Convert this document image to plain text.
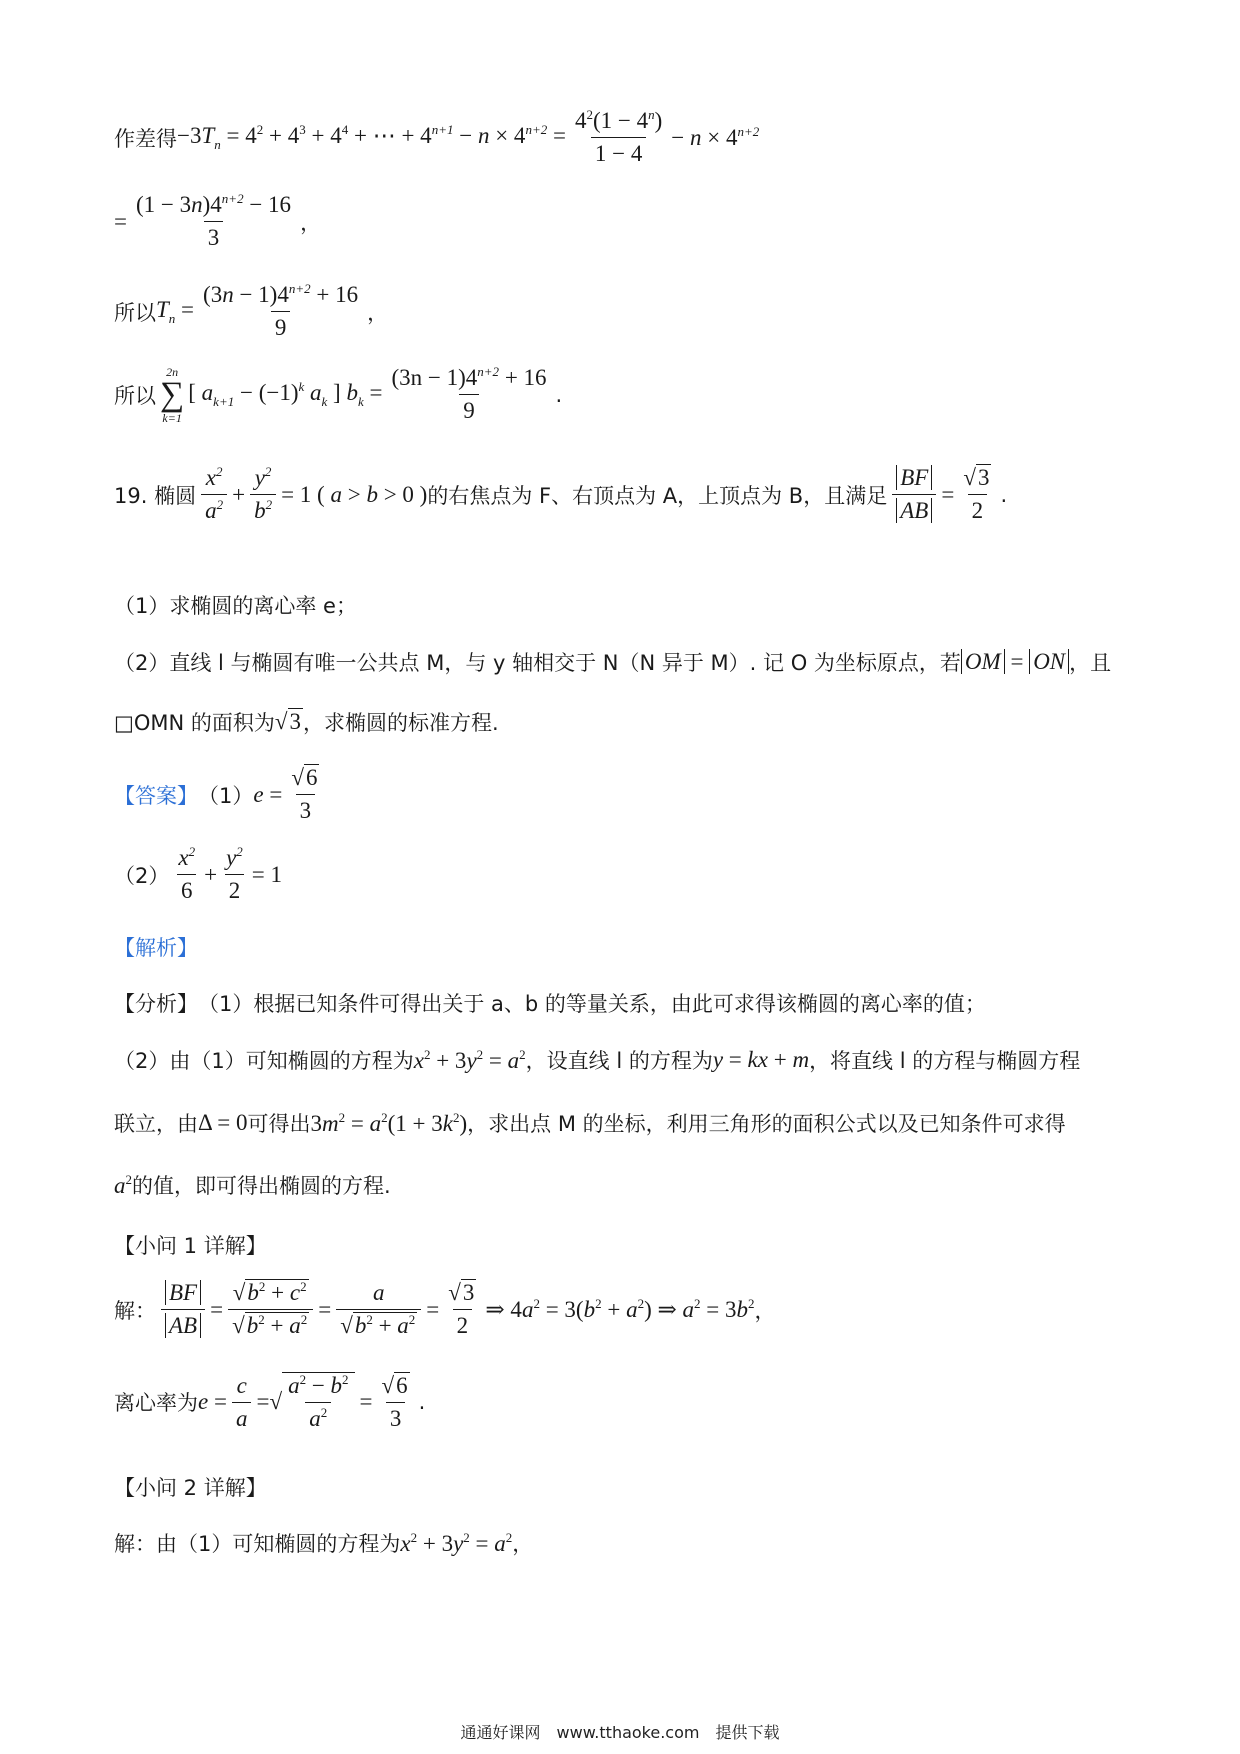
作差得 $-3T_n = 4^2 + 4^3 + 4^4$ + ⋯ + $4^{n+1} - n \times 4^{n+2} = \frac{4^2(1 - 4^n)}{1 - 4} - n \times 4^{n+2}$
= $\frac{(1 - 3n)4^{n+2} - 16}{3}$ ，
所以 $T_n = \frac{(3n - 1)4^{n+2} + 16}{9}$ ，
所以
2n
∑
k=1
[ $a_{k+1} - (-1)^k$ $a_k$ ] $b_k = \frac{(3n - 1)4^{n+2} + 16}{9}$ .
19. 椭圆 $\frac{x^2}{a^2} + \frac{y^2}{b^2} = 1$ ( a > b > 0 ) 的右焦点为 F、右顶点为 A，上顶点为 B，且满足 $\frac{BF}{AB} = \frac{√3}{2}$ .
（1）求椭圆的离心率 e；
（2）直线 l 与椭圆有唯一公共点 M，与 y 轴相交于 N（N 异于 M）. 记 O 为坐标原点，若 OM = ON ，且
□OMN 的面积为 √3 ，求椭圆的标准方程.
【答案】 （1） $e = \frac{√6}{3}$
$(2) \frac{x^2}{6} + \frac{y^2}{2} = 1$
【解析】
【分析】 （1）根据已知条件可得出关于 a、b 的等量关系，由此可求得该椭圆的离心率的值；
（2）由（1）可知椭圆的方程为 $x^2 + 3y^2 = a^2$ ，设直线 l 的方程为 y = kx + m ，将直线 l 的方程与椭圆方程
联立，由 Δ = 0 可得出 $3m^2 = a^2(1 + 3k^2)$ ，求出点 M 的坐标，利用三角形的面积公式以及已知条件可求得
$a^2$ 的值，即可得出椭圆的方程.
【小问 1 详解】
解： $\frac{BF}{AB} = \frac{√b^2 + c^2}{√b^2 + a^2} = \frac{a}{√b^2 + a^2} = \frac{√3}{2}$ ⇒ $4a^2 = 3(b^2 + a^2)$ ⇒ $a^2 = 3b^2$ ，
离心率为 $e = \frac{c}{a}$ = √ $\frac{a^2 - b^2}{a^2} = \frac{√6}{3}$ .
【小问 2 详解】
解：由（1）可知椭圆的方程为 $x^2 + 3y^2 = a^2$ ，
通通好课网　www.tthaoke.com　提供下载
